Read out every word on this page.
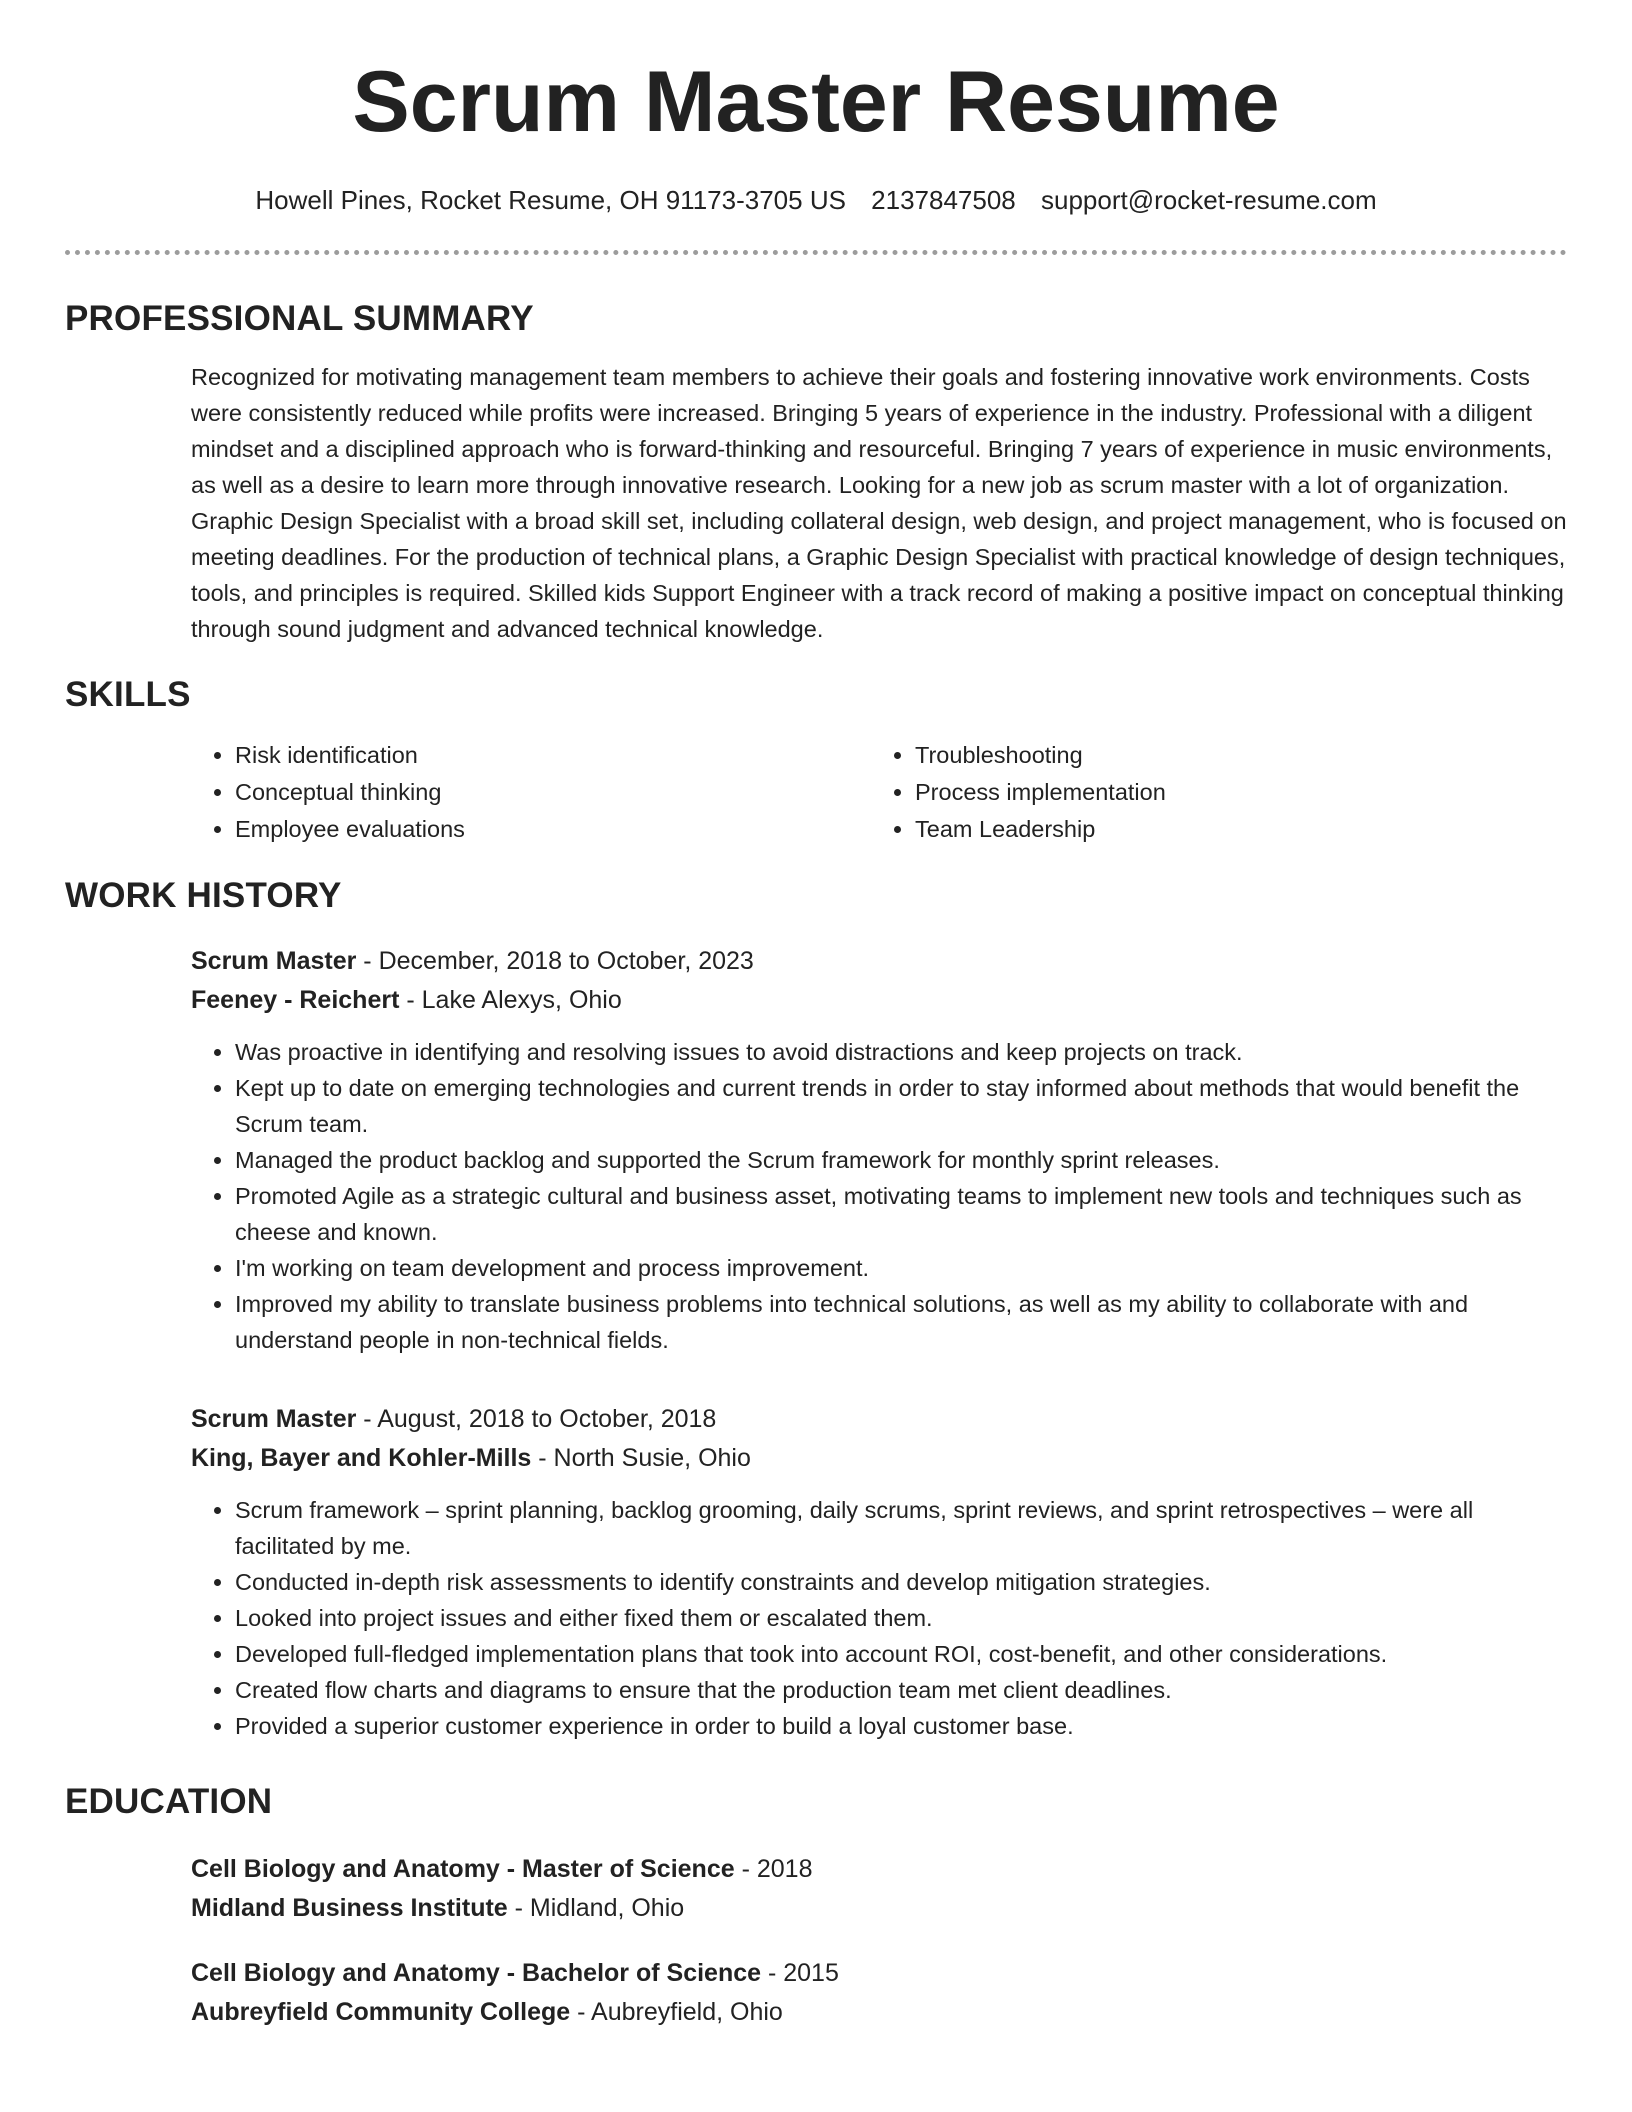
Scrum Master Resume
Howell Pines, Rocket Resume, OH 91173-3705 US 2137847508 support@rocket-resume.com
PROFESSIONAL SUMMARY

Recognized for motivating management team members to achieve their goals and fostering innovative work environments. Costs were consistently reduced while profits were increased. Bringing 5 years of experience in the industry. Professional with a diligent mindset and a disciplined approach who is forward-thinking and resourceful. Bringing 7 years of experience in music environments, as well as a desire to learn more through innovative research. Looking for a new job as scrum master with a lot of organization. Graphic Design Specialist with a broad skill set, including collateral design, web design, and project management, who is focused on meeting deadlines. For the production of technical plans, a Graphic Design Specialist with practical knowledge of design techniques, tools, and principles is required. Skilled kids Support Engineer with a track record of making a positive impact on conceptual thinking through sound judgment and advanced technical knowledge.

SKILLS
• Risk identification
• Conceptual thinking
• Employee evaluations
• Troubleshooting
• Process implementation
• Team Leadership
WORK HISTORY
Scrum Master - December, 2018 to October, 2023
Feeney - Reichert - Lake Alexys, Ohio
• Was proactive in identifying and resolving issues to avoid distractions and keep projects on track.
• Kept up to date on emerging technologies and current trends in order to stay informed about methods that would benefit the Scrum team.
• Managed the product backlog and supported the Scrum framework for monthly sprint releases.
• Promoted Agile as a strategic cultural and business asset, motivating teams to implement new tools and techniques such as cheese and known.
• I'm working on team development and process improvement.
• Improved my ability to translate business problems into technical solutions, as well as my ability to collaborate with and understand people in non-technical fields.
Scrum Master - August, 2018 to October, 2018
King, Bayer and Kohler-Mills - North Susie, Ohio
• Scrum framework – sprint planning, backlog grooming, daily scrums, sprint reviews, and sprint retrospectives – were all facilitated by me.
• Conducted in-depth risk assessments to identify constraints and develop mitigation strategies.
• Looked into project issues and either fixed them or escalated them.
• Developed full-fledged implementation plans that took into account ROI, cost-benefit, and other considerations.
• Created flow charts and diagrams to ensure that the production team met client deadlines.
• Provided a superior customer experience in order to build a loyal customer base.
EDUCATION
Cell Biology and Anatomy - Master of Science - 2018
Midland Business Institute - Midland, Ohio
Cell Biology and Anatomy - Bachelor of Science - 2015
Aubreyfield Community College - Aubreyfield, Ohio
